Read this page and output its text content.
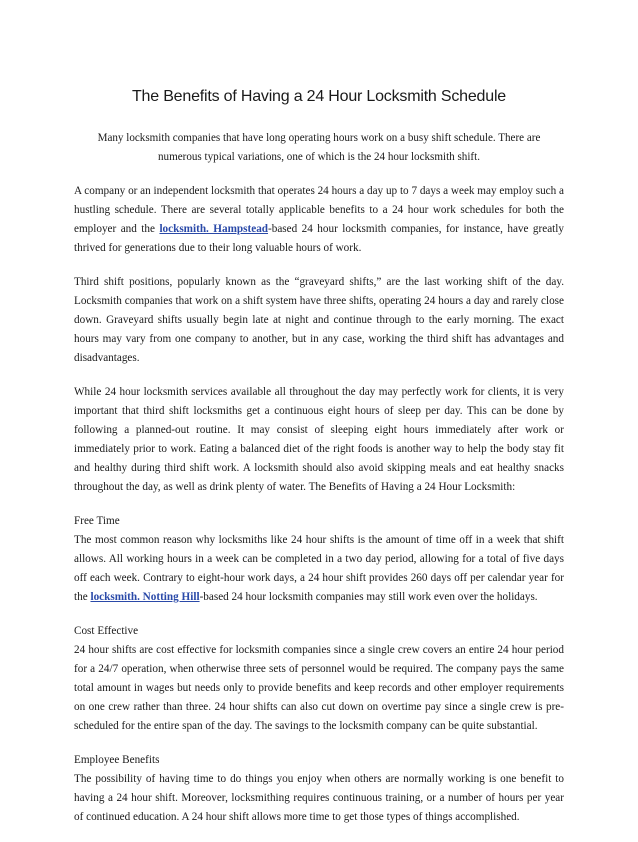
The Benefits of Having a 24 Hour Locksmith Schedule

Many locksmith companies that have long operating hours work on a busy shift schedule. There are numerous typical variations, one of which is the 24 hour locksmith shift.

A company or an independent locksmith that operates 24 hours a day up to 7 days a week may employ such a hustling schedule. There are several totally applicable benefits to a 24 hour work schedules for both the employer and the locksmith. Hampstead-based 24 hour locksmith companies, for instance, have greatly thrived for generations due to their long valuable hours of work.

Third shift positions, popularly known as the “graveyard shifts,” are the last working shift of the day. Locksmith companies that work on a shift system have three shifts, operating 24 hours a day and rarely close down. Graveyard shifts usually begin late at night and continue through to the early morning. The exact hours may vary from one company to another, but in any case, working the third shift has advantages and disadvantages.

While 24 hour locksmith services available all throughout the day may perfectly work for clients, it is very important that third shift locksmiths get a continuous eight hours of sleep per day. This can be done by following a planned-out routine. It may consist of sleeping eight hours immediately after work or immediately prior to work. Eating a balanced diet of the right foods is another way to help the body stay fit and healthy during third shift work. A locksmith should also avoid skipping meals and eat healthy snacks throughout the day, as well as drink plenty of water. The Benefits of Having a 24 Hour Locksmith:

Free Time

The most common reason why locksmiths like 24 hour shifts is the amount of time off in a week that shift allows. All working hours in a week can be completed in a two day period, allowing for a total of five days off each week. Contrary to eight-hour work days, a 24 hour shift provides 260 days off per calendar year for the locksmith. Notting Hill-based 24 hour locksmith companies may still work even over the holidays.

Cost Effective

24 hour shifts are cost effective for locksmith companies since a single crew covers an entire 24 hour period for a 24/7 operation, when otherwise three sets of personnel would be required. The company pays the same total amount in wages but needs only to provide benefits and keep records and other employer requirements on one crew rather than three. 24 hour shifts can also cut down on overtime pay since a single crew is pre-scheduled for the entire span of the day. The savings to the locksmith company can be quite substantial.

Employee Benefits

The possibility of having time to do things you enjoy when others are normally working is one benefit to having a 24 hour shift. Moreover, locksmithing requires continuous training, or a number of hours per year of continued education. A 24 hour shift allows more time to get those types of things accomplished.
